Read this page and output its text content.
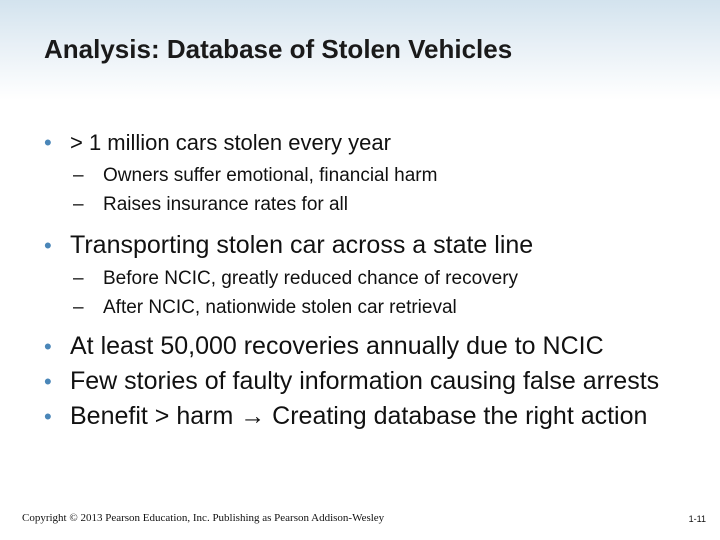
Analysis: Database of Stolen Vehicles
• > 1 million cars stolen every year
– Owners suffer emotional, financial harm
– Raises insurance rates for all
• Transporting stolen car across a state line
– Before NCIC, greatly reduced chance of recovery
– After NCIC, nationwide stolen car retrieval
• At least 50,000 recoveries annually due to NCIC
• Few stories of faulty information causing false arrests
• Benefit > harm → Creating database the right action
Copyright © 2013 Pearson Education, Inc. Publishing as Pearson Addison-Wesley	1-11
